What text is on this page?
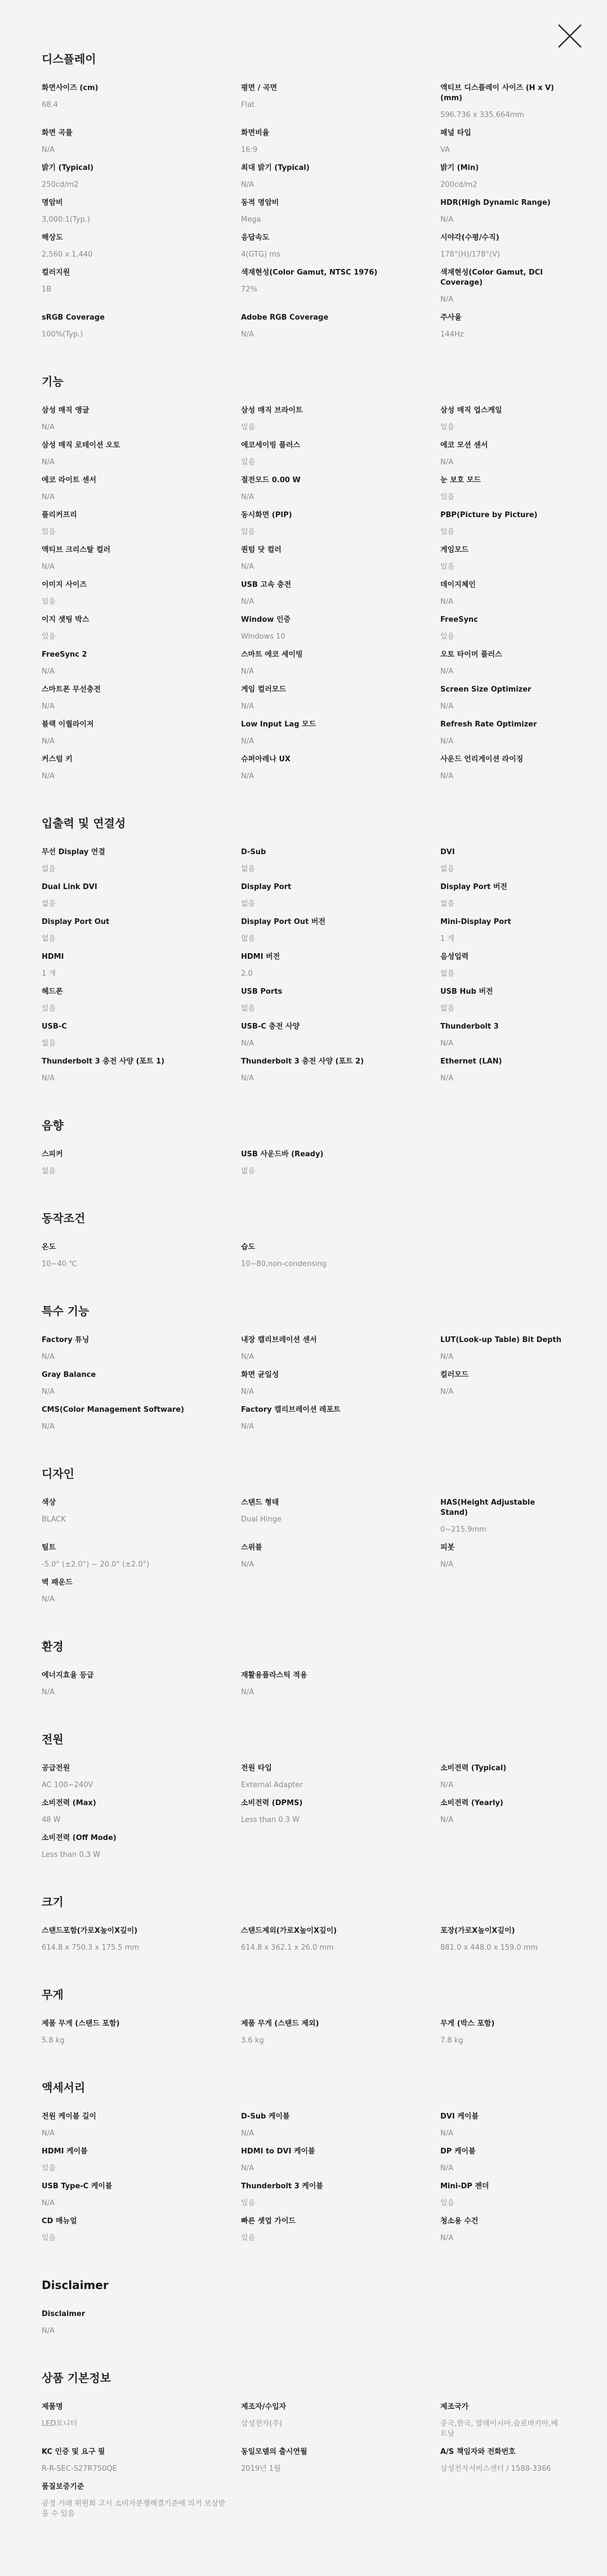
디스플레이
화면사이즈 (cm)
68.4
평면 / 곡면
Flat
액티브 디스플레이 사이즈 (H x V) (mm)
596.736 x 335.664mm
화면 곡률
N/A
화면비율
16:9
패널 타입
VA
밝기 (Typical)
250cd/m2
최대 밝기 (Typical)
N/A
밝기 (Min)
200cd/m2
명암비
3,000:1(Typ.)
동적 명암비
Mega
HDR(High Dynamic Range)
N/A
해상도
2,560 x 1,440
응답속도
4(GTG) ms
시야각(수평/수직)
178°(H)/178°(V)
컬러지원
1B
색재현성(Color Gamut, NTSC 1976)
72%
색재현성(Color Gamut, DCI Coverage)
N/A
sRGB Coverage
100%(Typ.)
Adobe RGB Coverage
N/A
주사율
144Hz
기능
삼성 매직 앵글
N/A
삼성 매직 브라이트
있음
삼성 매직 업스케일
있음
삼성 매직 로테이션 오토
N/A
에코세이빙 플러스
있음
에코 모션 센서
N/A
에코 라이트 센서
N/A
절전모드 0.00 W
N/A
눈 보호 모드
있음
플리커프리
있음
동시화면 (PIP)
있음
PBP(Picture by Picture)
있음
액티브 크리스탈 컬러
N/A
퀀텀 닷 컬러
N/A
게임모드
있음
이미지 사이즈
있음
USB 고속 충전
N/A
데이지체인
N/A
이지 셋팅 박스
있음
Window 인증
Windows 10
FreeSync
있음
FreeSync 2
N/A
스마트 에코 세이빙
N/A
오토 타이머 플러스
N/A
스마트폰 무선충전
N/A
게임 컬러모드
N/A
Screen Size Optimizer
N/A
블랙 이퀄라이저
N/A
Low Input Lag 모드
N/A
Refresh Rate Optimizer
N/A
커스텀 키
N/A
슈퍼아레나 UX
N/A
사운드 언리게이션 라이징
N/A
입출력 및 연결성
무선 Display 연결
없음
D-Sub
없음
DVI
없음
Dual Link DVI
없음
Display Port
없음
Display Port 버전
없음
Display Port Out
없음
Display Port Out 버전
없음
Mini-Display Port
1 개
HDMI
1 개
HDMI 버전
2.0
음성입력
없음
헤드폰
있음
USB Ports
없음
USB Hub 버전
없음
USB-C
없음
USB-C 충전 사양
N/A
Thunderbolt 3
N/A
Thunderbolt 3 충전 사양 (포트 1)
N/A
Thunderbolt 3 충전 사양 (포트 2)
N/A
Ethernet (LAN)
N/A
음향
스피커
없음
USB 사운드바 (Ready)
없음
동작조건
온도
10~40 ℃
습도
10~80,non-condensing
특수 기능
Factory 튜닝
N/A
내장 캘리브레이션 센서
N/A
LUT(Look-up Table) Bit Depth
N/A
Gray Balance
N/A
화면 균일성
N/A
컬러모드
N/A
CMS(Color Management Software)
N/A
Factory 캘리브레이션 레포트
N/A
디자인
색상
BLACK
스탠드 형태
Dual Hinge
HAS(Height Adjustable Stand)
0~215.9mm
틸트
-5.0° (±2.0°) ~ 20.0° (±2.0°)
스위블
N/A
피봇
N/A
벽 패운드
N/A
환경
에너지효율 등급
N/A
재활용플라스틱 적용
N/A
전원
공급전원
AC 100~240V
전원 타입
External Adapter
소비전력 (Typical)
N/A
소비전력 (Max)
48 W
소비전력 (DPMS)
Less than 0.3 W
소비전력 (Yearly)
N/A
소비전력 (Off Mode)
Less than 0.3 W
크기
스탠드포함(가로X높이X깊이)
614.8 x 750.3 x 175.5 mm
스탠드제외(가로X높이X깊이)
614.8 x 362.1 x 26.0 mm
포장(가로X높이X깊이)
881.0 x 448.0 x 159.0 mm
무게
제품 무게 (스탠드 포함)
5.8 kg
제품 무게 (스탠드 제외)
3.6 kg
무게 (박스 포함)
7.8 kg
액세서리
전원 케이블 길이
N/A
D-Sub 케이블
N/A
DVI 케이블
N/A
HDMI 케이블
있음
HDMI to DVI 케이블
N/A
DP 케이블
N/A
USB Type-C 케이블
N/A
Thunderbolt 3 케이블
있음
Mini-DP 젠더
있음
CD 매뉴얼
있음
빠른 셋업 가이드
있음
청소용 수건
N/A
Disclaimer
Disclaimer
N/A
상품 기본정보
제품명
LED모니터
제조자/수입자
삼성전자(주)
제조국가
중국,한국, 말레이시아,슬로바키아,베트남
KC 인증 및 요구 필
R-R-SEC-S27R750QE
동일모델의 출시연월
2019년 1월
A/S 책임자와 전화번호
삼성전자서비스센터 / 1588-3366
품질보증기준
공정 거래 위원회 고시 소비자분쟁해결기준에 의거 보상받을 수 있음
